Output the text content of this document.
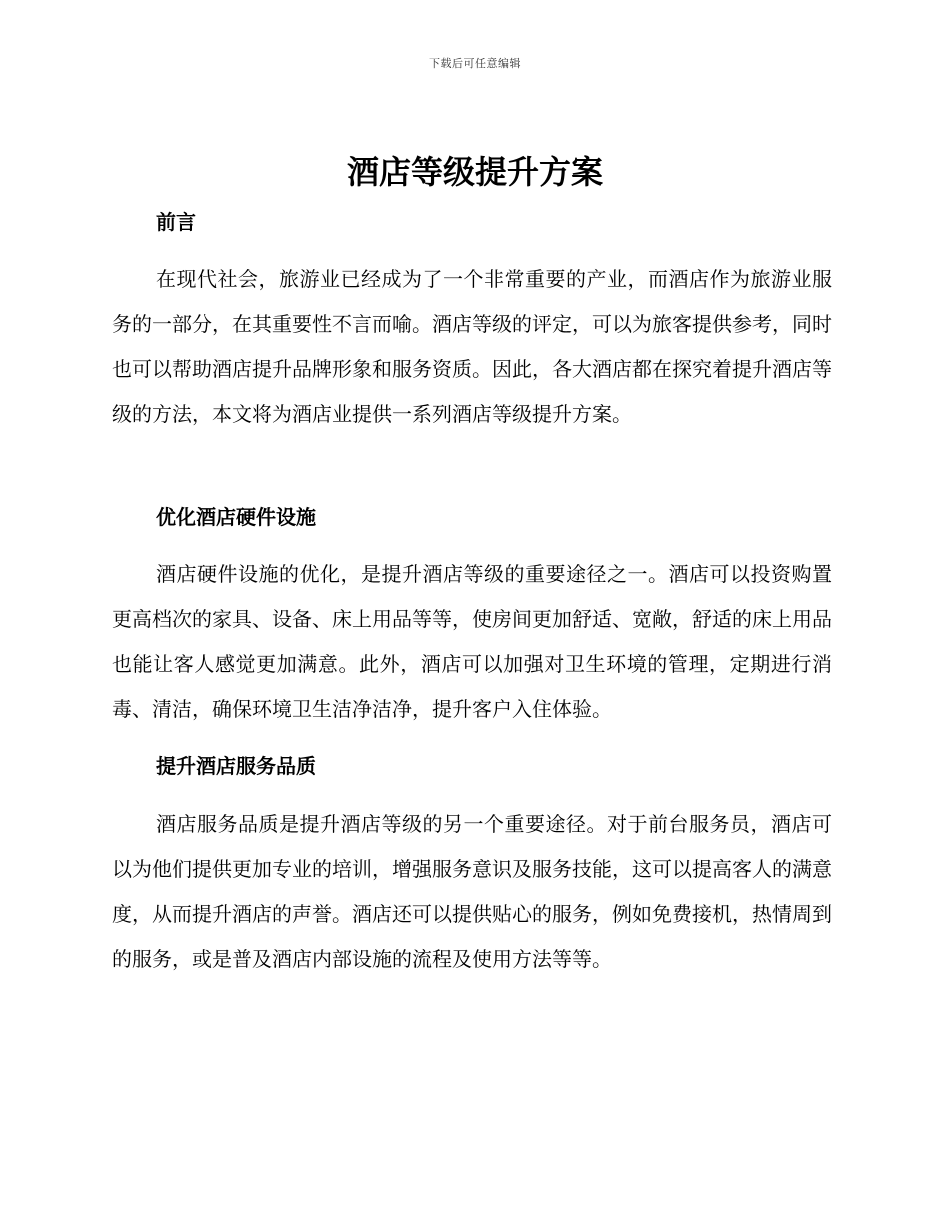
下载后可任意编辑
酒店等级提升方案
前言

在现代社会，旅游业已经成为了一个非常重要的产业，而酒店作为旅游业服务的一部分，在其重要性不言而喻。酒店等级的评定，可以为旅客提供参考，同时也可以帮助酒店提升品牌形象和服务资质。因此，各大酒店都在探究着提升酒店等级的方法，本文将为酒店业提供一系列酒店等级提升方案。

优化酒店硬件设施

酒店硬件设施的优化，是提升酒店等级的重要途径之一。酒店可以投资购置更高档次的家具、设备、床上用品等等，使房间更加舒适、宽敞，舒适的床上用品也能让客人感觉更加满意。此外，酒店可以加强对卫生环境的管理，定期进行消毒、清洁，确保环境卫生洁净洁净，提升客户入住体验。

提升酒店服务品质

酒店服务品质是提升酒店等级的另一个重要途径。对于前台服务员，酒店可以为他们提供更加专业的培训，增强服务意识及服务技能，这可以提高客人的满意度，从而提升酒店的声誉。酒店还可以提供贴心的服务，例如免费接机，热情周到的服务，或是普及酒店内部设施的流程及使用方法等等。
